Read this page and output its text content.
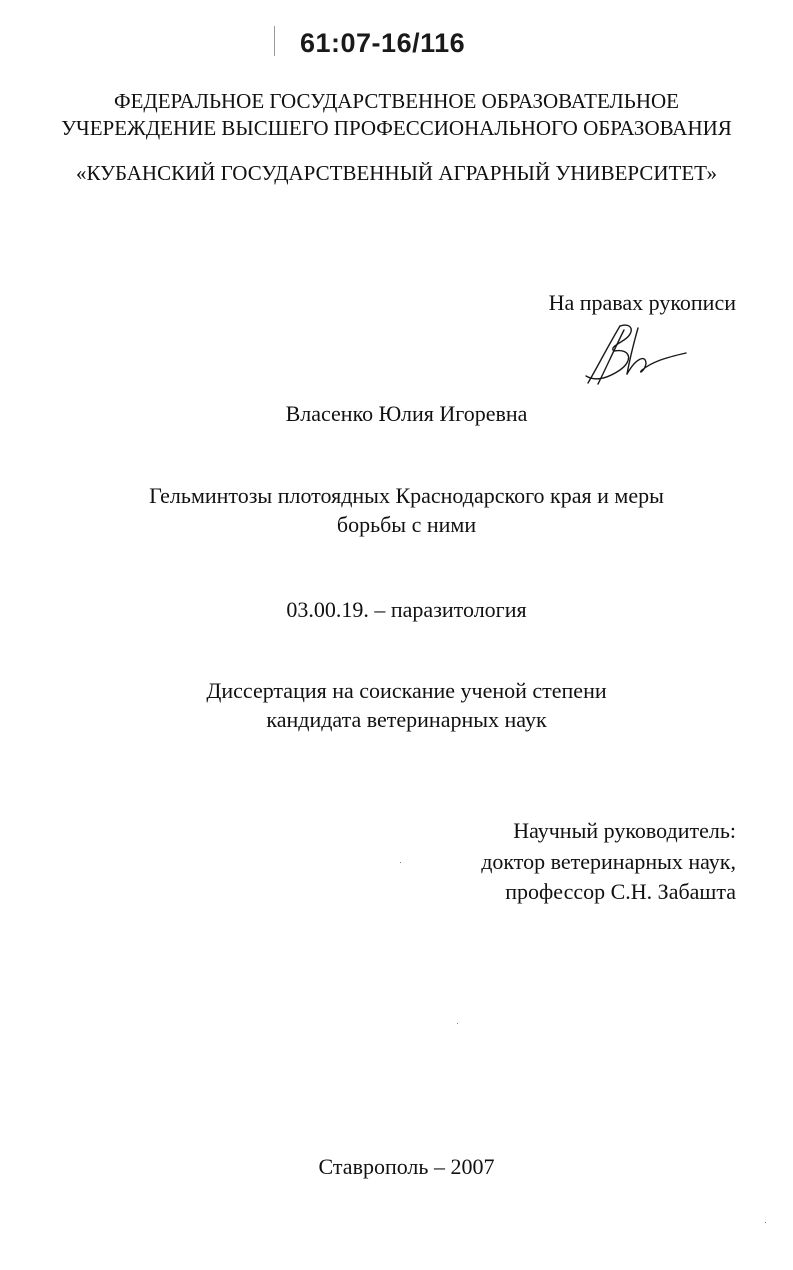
61:07-16/116
ФЕДЕРАЛЬНОЕ ГОСУДАРСТВЕННОЕ ОБРАЗОВАТЕЛЬНОЕ
УЧЕРЕЖДЕНИЕ ВЫСШЕГО ПРОФЕССИОНАЛЬНОГО ОБРАЗОВАНИЯ
«КУБАНСКИЙ ГОСУДАРСТВЕННЫЙ АГРАРНЫЙ УНИВЕРСИТЕТ»
На правах рукописи
Власенко Юлия Игоревна
Гельминтозы плотоядных Краснодарского края и меры
борьбы с ними
03.00.19. – паразитология
Диссертация на соискание ученой степени
кандидата ветеринарных наук
Научный руководитель:
доктор ветеринарных наук,
профессор С.Н. Забашта
Ставрополь – 2007
